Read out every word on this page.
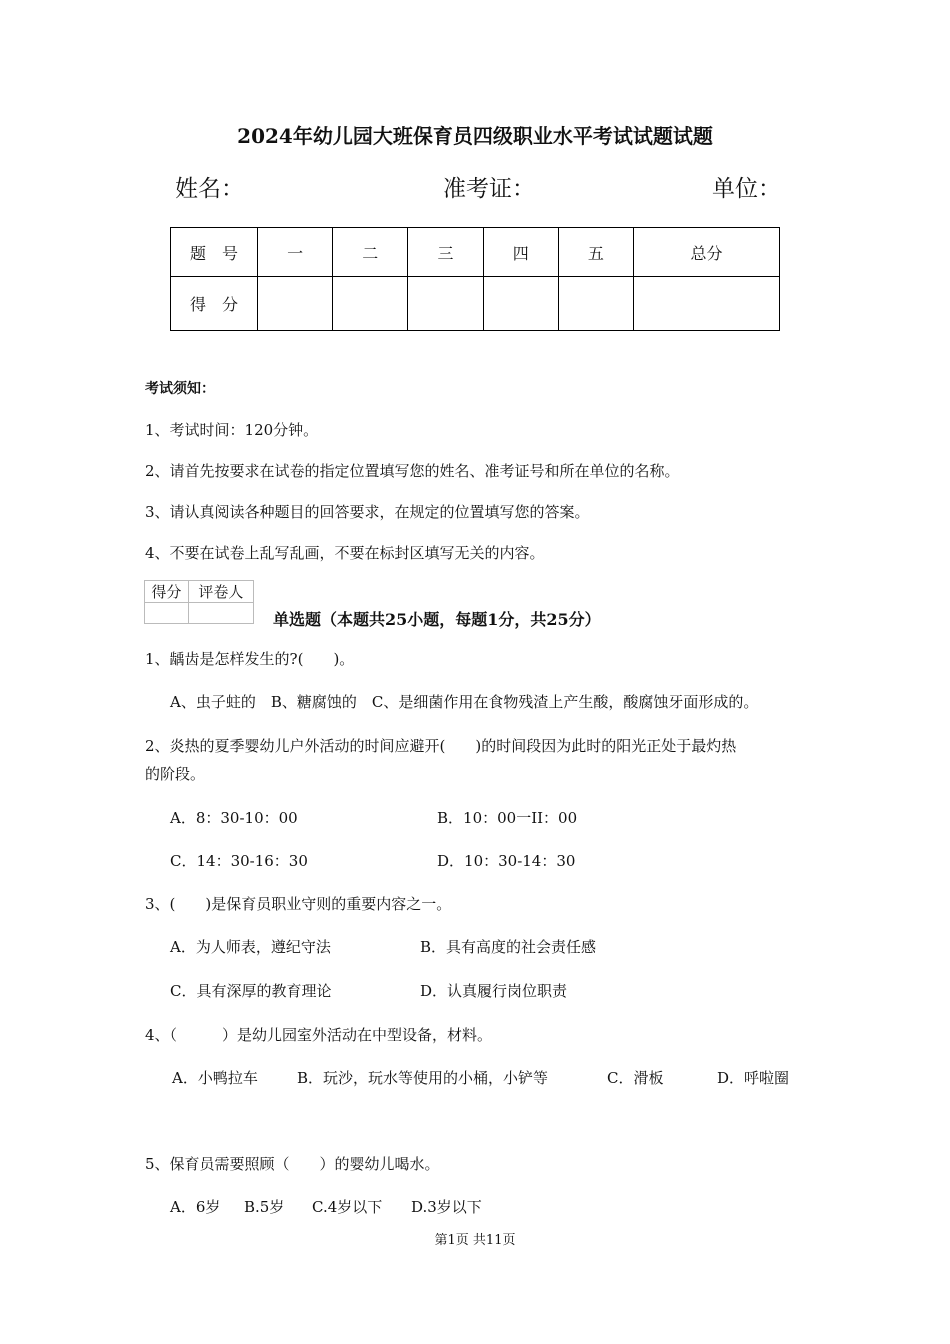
2024年幼儿园大班保育员四级职业水平考试试题试题
姓名：	准考证：	单位：
题　号	一	二	三	四	五	总分
得　分						
考试须知：
1、考试时间：120分钟。
2、请首先按要求在试卷的指定位置填写您的姓名、准考证号和所在单位的名称。
3、请认真阅读各种题目的回答要求，在规定的位置填写您的答案。
4、不要在试卷上乱写乱画，不要在标封区填写无关的内容。
得分	评卷人

单选题（本题共25小题，每题1分，共25分）
1、龋齿是怎样发生的?(　　)。
A、虫子蛀的　B、糖腐蚀的　C、是细菌作用在食物残渣上产生酸，酸腐蚀牙面形成的。
2、炎热的夏季婴幼儿户外活动的时间应避开(　　)的时间段因为此时的阳光正处于最灼热
的阶段。
A．8：30-10：00	B．10：00一II：00
C．14：30-16：30	D．10：30-14：30
3、(　　)是保育员职业守则的重要内容之一。
A．为人师表，遵纪守法	B．具有高度的社会责任感
C．具有深厚的教育理论	D．认真履行岗位职责
4、（　　　）是幼儿园室外活动在中型设备，材料。
A．小鸭拉车	B．玩沙，玩水等使用的小桶，小铲等	C．滑板	D．呼啦圈
5、保育员需要照顾（　　）的婴幼儿喝水。
A．6岁 B.5岁 C.4岁以下 D.3岁以下
第1页 共11页
